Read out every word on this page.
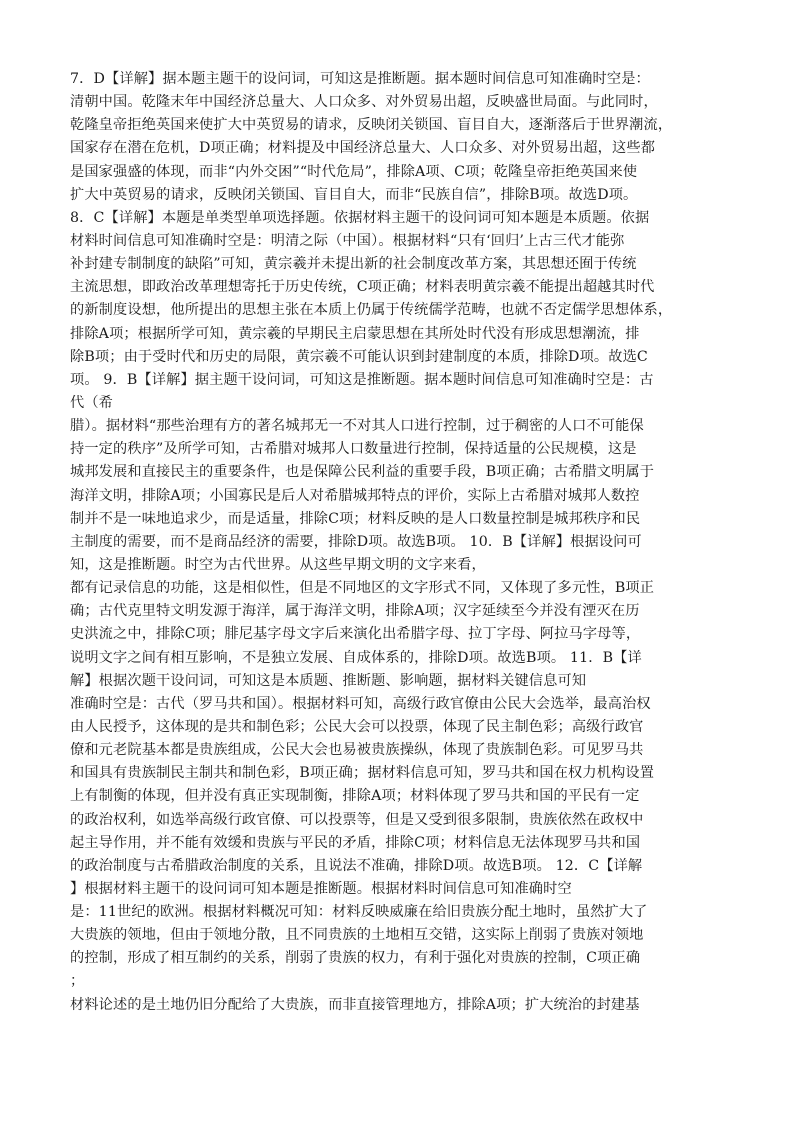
7．D【详解】据本题主题干的设问词，可知这是推断题。据本题时间信息可知准确时空是：
清朝中国。乾隆末年中国经济总量大、人口众多、对外贸易出超，反映盛世局面。与此同时，
乾隆皇帝拒绝英国来使扩大中英贸易的请求，反映闭关锁国、盲目自大，逐渐落后于世界潮流，
国家存在潜在危机，D项正确；材料提及中国经济总量大、人口众多、对外贸易出超，这些都
是国家强盛的体现，而非“内外交困”“时代危局”，排除A项、C项；乾隆皇帝拒绝英国来使
扩大中英贸易的请求，反映闭关锁国、盲目自大，而非“民族自信”，排除B项。故选D项。
8．C【详解】本题是单类型单项选择题。依据材料主题干的设问词可知本题是本质题。依据
材料时间信息可知准确时空是：明清之际（中国）。根据材料“只有‘回归’上古三代才能弥
补封建专制制度的缺陷”可知，黄宗羲并未提出新的社会制度改革方案，其思想还囿于传统
主流思想，即政治改革理想寄托于历史传统，C项正确；材料表明黄宗羲不能提出超越其时代
的新制度设想，他所提出的思想主张在本质上仍属于传统儒学范畴，也就不否定儒学思想体系，
排除A项；根据所学可知，黄宗羲的早期民主启蒙思想在其所处时代没有形成思想潮流，排
除B项；由于受时代和历史的局限，黄宗羲不可能认识到封建制度的本质，排除D项。故选C
项。 9．B【详解】据主题干设问词，可知这是推断题。据本题时间信息可知准确时空是：古
代（希
腊）。据材料“那些治理有方的著名城邦无一不对其人口进行控制，过于稠密的人口不可能保
持一定的秩序”及所学可知，古希腊对城邦人口数量进行控制，保持适量的公民规模，这是
城邦发展和直接民主的重要条件，也是保障公民利益的重要手段，B项正确；古希腊文明属于
海洋文明，排除A项；小国寡民是后人对希腊城邦特点的评价，实际上古希腊对城邦人数控
制并不是一味地追求少，而是适量，排除C项；材料反映的是人口数量控制是城邦秩序和民
主制度的需要，而不是商品经济的需要，排除D项。故选B项。 10．B【详解】根据设问可
知，这是推断题。时空为古代世界。从这些早期文明的文字来看，
都有记录信息的功能，这是相似性，但是不同地区的文字形式不同，又体现了多元性，B项正
确；古代克里特文明发源于海洋，属于海洋文明，排除A项；汉字延续至今并没有湮灭在历
史洪流之中，排除C项；腓尼基字母文字后来演化出希腊字母、拉丁字母、阿拉马字母等，
说明文字之间有相互影响，不是独立发展、自成体系的，排除D项。故选B项。 11．B【详
解】根据次题干设问词，可知这是本质题、推断题、影响题，据材料关键信息可知
准确时空是：古代（罗马共和国）。根据材料可知，高级行政官僚由公民大会选举，最高治权
由人民授予，这体现的是共和制色彩；公民大会可以投票，体现了民主制色彩；高级行政官
僚和元老院基本都是贵族组成，公民大会也易被贵族操纵，体现了贵族制色彩。可见罗马共
和国具有贵族制民主制共和制色彩，B项正确；据材料信息可知，罗马共和国在权力机构设置
上有制衡的体现，但并没有真正实现制衡，排除A项；材料体现了罗马共和国的平民有一定
的政治权利，如选举高级行政官僚、可以投票等，但是又受到很多限制，贵族依然在政权中
起主导作用，并不能有效缓和贵族与平民的矛盾，排除C项；材料信息无法体现罗马共和国
的政治制度与古希腊政治制度的关系，且说法不准确，排除D项。故选B项。 12．C【详解
】根据材料主题干的设问词可知本题是推断题。根据材料时间信息可知准确时空
是：11世纪的欧洲。根据材料概况可知：材料反映威廉在给旧贵族分配土地时，虽然扩大了
大贵族的领地，但由于领地分散，且不同贵族的土地相互交错，这实际上削弱了贵族对领地
的控制，形成了相互制约的关系，削弱了贵族的权力，有利于强化对贵族的控制，C项正确
；
材料论述的是土地仍旧分配给了大贵族，而非直接管理地方，排除A项；扩大统治的封建基
